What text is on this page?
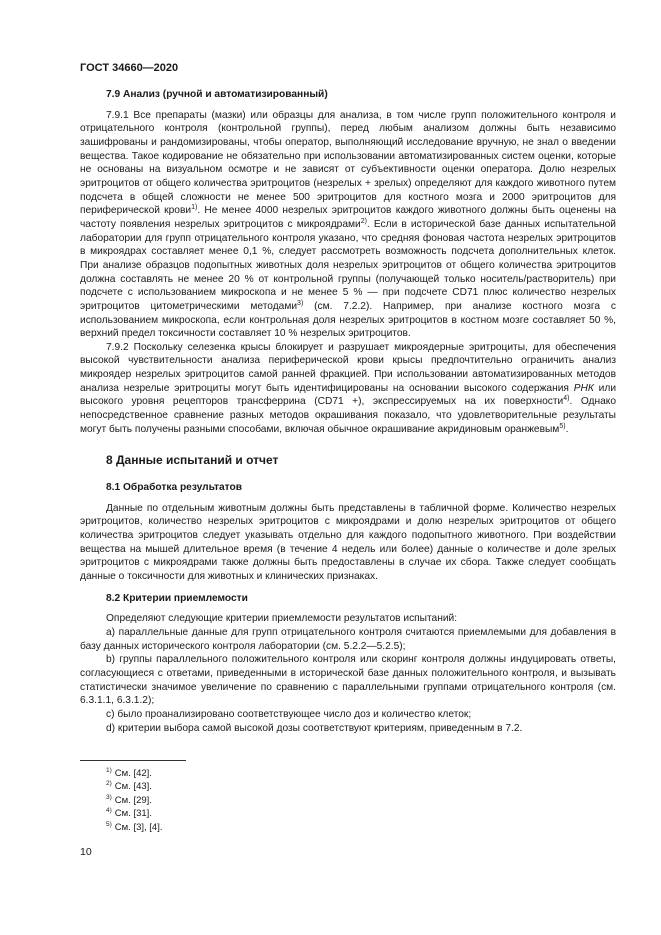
ГОСТ 34660—2020

7.9 Анализ (ручной и автоматизированный)

7.9.1 Все препараты (мазки) или образцы для анализа, в том числе групп положительного контроля и отрицательного контроля (контрольной группы), перед любым анализом должны быть независимо зашифрованы и рандомизированы, чтобы оператор, выполняющий исследование вручную, не знал о введении вещества. Такое кодирование не обязательно при использовании автоматизированных систем оценки, которые не основаны на визуальном осмотре и не зависят от субъективности оценки оператора. Долю незрелых эритроцитов от общего количества эритроцитов (незрелых + зрелых) определяют для каждого животного путем подсчета в общей сложности не менее 500 эритроцитов для костного мозга и 2000 эритроцитов для периферической крови$^{1)}$. Не менее 4000 незрелых эритроцитов каждого животного должны быть оценены на частоту появления незрелых эритроцитов с микроядрами$^{2)}$. Если в исторической базе данных испытательной лаборатории для групп отрицательного контроля указано, что средняя фоновая частота незрелых эритроцитов в микроядрах составляет менее 0,1 %, следует рассмотреть возможность подсчета дополнительных клеток. При анализе образцов подопытных животных доля незрелых эритроцитов от общего количества эритроцитов должна составлять не менее 20 % от контрольной группы (получающей только носитель/растворитель) при подсчете с использованием микроскопа и не менее 5 % — при подсчете CD71 плюс количество незрелых эритроцитов цитометрическими методами$^{3)}$ (см. 7.2.2). Например, при анализе костного мозга с использованием микроскопа, если контрольная доля незрелых эритроцитов в костном мозге составляет 50 %, верхний предел токсичности составляет 10 % незрелых эритроцитов.

7.9.2 Поскольку селезенка крысы блокирует и разрушает микроядерные эритроциты, для обеспечения высокой чувствительности анализа периферической крови крысы предпочтительно ограничить анализ микроядер незрелых эритроцитов самой ранней фракцией. При использовании автоматизированных методов анализа незрелые эритроциты могут быть идентифицированы на основании высокого содержания РНК или высокого уровня рецепторов трансферрина (CD71 +), экспрессируемых на их поверхности$^{4)}$. Однако непосредственное сравнение разных методов окрашивания показало, что удовлетворительные результаты могут быть получены разными способами, включая обычное окрашивание акридиновым оранжевым$^{5)}$.

8 Данные испытаний и отчет

8.1 Обработка результатов

Данные по отдельным животным должны быть представлены в табличной форме. Количество незрелых эритроцитов, количество незрелых эритроцитов с микроядрами и долю незрелых эритроцитов от общего количества эритроцитов следует указывать отдельно для каждого подопытного животного. При воздействии вещества на мышей длительное время (в течение 4 недель или более) данные о количестве и доле зрелых эритроцитов с микроядрами также должны быть предоставлены в случае их сбора. Также следует сообщать данные о токсичности для животных и клинических признаках.

8.2 Критерии приемлемости

Определяют следующие критерии приемлемости результатов испытаний:

a) параллельные данные для групп отрицательного контроля считаются приемлемыми для добавления в базу данных исторического контроля лаборатории (см. 5.2.2—5.2.5);

b) группы параллельного положительного контроля или скоринг контроля должны индуцировать ответы, согласующиеся с ответами, приведенными в исторической базе данных положительного контроля, и вызывать статистически значимое увеличение по сравнению с параллельными группами отрицательного контроля (см. 6.3.1.1, 6.3.1.2);

c) было проанализировано соответствующее число доз и количество клеток;

d) критерии выбора самой высокой дозы соответствуют критериям, приведенным в 7.2.

$^{1)}$ См. [42].
$^{2)}$ См. [43].
$^{3)}$ См. [29].
$^{4)}$ См. [31].
$^{5)}$ См. [3], [4].
10
